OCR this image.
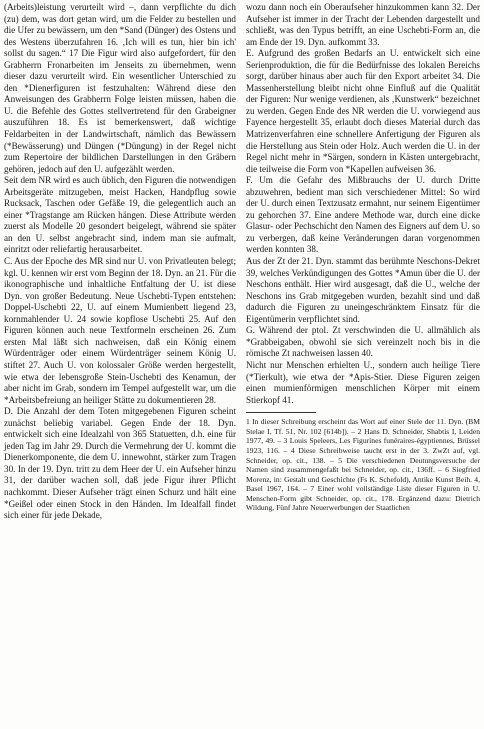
(Arbeits)leistung verurteilt wird –, dann verpflichte du dich (zu) dem, was dort getan wird, um die Felder zu bestellen und die Ufer zu bewässern, um den *Sand (Dünger) des Ostens und des Westens überzufahren 16. ‚Ich will es tun, hier bin ich' sollst du sagen.“ 17 Die Figur wird also aufgefordert, für den Grabherrn Fronarbeiten im Jenseits zu übernehmen, wenn dieser dazu verurteilt wird. Ein wesentlicher Unterschied zu den *Dienerfiguren ist festzuhalten: Während diese den Anweisungen des Grabherrn Folge leisten müssen, haben die U. die Befehle des Gottes stellvertretend für den Grabeigner auszuführen 18. Es ist bemerkenswert, daß wichtige Feldarbeiten in der Landwirtschaft, nämlich das Bewässern (*Bewässerung) und Düngen (*Düngung) in der Regel nicht zum Repertoire der bildlichen Darstellungen in den Gräbern gehören, jedoch auf den U. aufgezählt werden.

Seit dem NR wird es auch üblich, den Figuren die notwendigen Arbeitsgeräte mitzugeben, meist Hacken, Handpflug sowie Rucksack, Taschen oder Gefäße 19, die gelegentlich auch an einer *Tragstange am Rücken hängen. Diese Attribute werden zuerst als Modelle 20 gesondert beigelegt, während sie später an den U. selbst angebracht sind, indem man sie aufmalt, einritzt oder reliefartig herausarbeitet.

C. Aus der Epoche des MR sind nur U. von Privatleuten belegt; kgl. U. kennen wir erst vom Beginn der 18. Dyn. an 21. Für die ikonographische und inhaltliche Entfaltung der U. ist diese Dyn. von großer Bedeutung. Neue Uschebti-Typen entstehen: Doppel-Uschebti 22, U. auf einem Mumienbett liegend 23, kornmahlender U. 24 sowie kopflose Uschebti 25. Auf den Figuren können auch neue Textformeln erscheinen 26. Zum ersten Mal läßt sich nachweisen, daß ein König einem Würdenträger oder einem Würdenträger seinem König U. stiftet 27. Auch U. von kolossaler Größe werden hergestellt, wie etwa der lebensgroße Stein-Uschebti des Kenamun, der aber nicht im Grab, sondern im Tempel aufgestellt war, um die *Arbeitsbefreiung an heiliger Stätte zu dokumentieren 28.

D. Die Anzahl der dem Toten mitgegebenen Figuren scheint zunächst beliebig variabel. Gegen Ende der 18. Dyn. entwickelt sich eine Idealzahl von 365 Statuetten, d.h. eine für jeden Tag im Jahr 29. Durch die Vermehrung der U. kommt die Dienerkomponente, die dem U. innewohnt, stärker zum Tragen 30. In der 19. Dyn. tritt zu dem Heer der U. ein Aufseher hinzu 31, der darüber wachen soll, daß jede Figur ihrer Pflicht nachkommt. Dieser Aufseher trägt einen Schurz und hält eine *Geißel oder einen Stock in den Händen. Im Idealfall findet sich einer für jede Dekade,

wozu dann noch ein Oberaufseher hinzukommen kann 32. Der Aufseher ist immer in der Tracht der Lebenden dargestellt und schließt, was den Typus betrifft, an eine Uschebti-Form an, die am Ende der 19. Dyn. aufkommt 33.

E. Aufgrund des großen Bedarfs an U. entwickelt sich eine Serienproduktion, die für die Bedürfnisse des lokalen Bereichs sorgt, darüber hinaus aber auch für den Export arbeitet 34. Die Massenherstellung bleibt nicht ohne Einfluß auf die Qualität der Figuren: Nur wenige verdienen, als ‚Kunstwerk“ bezeichnet zu werden. Gegen Ende des NR werden die U. vorwiegend aus Fayence hergestellt 35, erlaubt doch dieses Material durch das Matrizenverfahren eine schnellere Anfertigung der Figuren als die Herstellung aus Stein oder Holz. Auch werden die U. in der Regel nicht mehr in *Särgen, sondern in Kästen untergebracht, die teilweise die Form von *Kapellen aufweisen 36.

F. Um die Gefahr des Mißbrauchs der U. durch Dritte abzuwehren, bedient man sich verschiedener Mittel: So wird der U. durch einen Textzusatz ermahnt, nur seinem Eigentümer zu gehorchen 37. Eine andere Methode war, durch eine dicke Glasur- oder Pechschicht den Namen des Eigners auf dem U. so zu verbergen, daß keine Veränderungen daran vorgenommen werden konnten 38.

Aus der Zt der 21. Dyn. stammt das berühmte Neschons-Dekret 39, welches Verkündigungen des Gottes *Amun über die U. der Neschons enthält. Hier wird ausgesagt, daß die U., welche der Neschons ins Grab mitgegeben wurden, bezahlt sind und daß dadurch die Figuren zu uneingeschränktem Einsatz für die Eigentümerin verpflichtet sind.

G. Während der ptol. Zt verschwinden die U. allmählich als *Grabbeigaben, obwohl sie sich vereinzelt noch bis in die römische Zt nachweisen lassen 40.

Nicht nur Menschen erhielten U., sondern auch heilige Tiere (*Tierkult), wie etwa der *Apis-Stier. Diese Figuren zeigen einen mumienförmigen menschlichen Körper mit einem Stierkopf 41.

1 In dieser Schreibung erscheint das Wort auf einer Stele der 11. Dyn. (BM Stelae I, Tf. 51, Nr. 102 [614b]). – 2 Hans D. Schneider, Shabtis I, Leiden 1977, 49. – 3 Louis Speleers, Les Figurines funéraires-égyptiennes, Brüssel 1923, 116. – 4 Diese Schreibweise taucht erst in der 3. ZwZt auf, vgl. Schneider, op. cit., 138. – 5 Die verschiedenen Deutungsversuche der Namen sind zusammengefaßt bei Schneider, op. cit., 136ff. – 6 Siegfried Morenz, in: Gestalt und Geschichte (Fs K. Schefold), Antike Kunst Beih. 4, Basel 1967, 164. – 7 Einer wohl vollständige Liste dieser Figuren in U. Menschen-Form gibt Schneider, op. cit., 178. Ergänzend dazu: Dietrich Wildung, Fünf Jahre Neuerwerbungen der Staatlichen
